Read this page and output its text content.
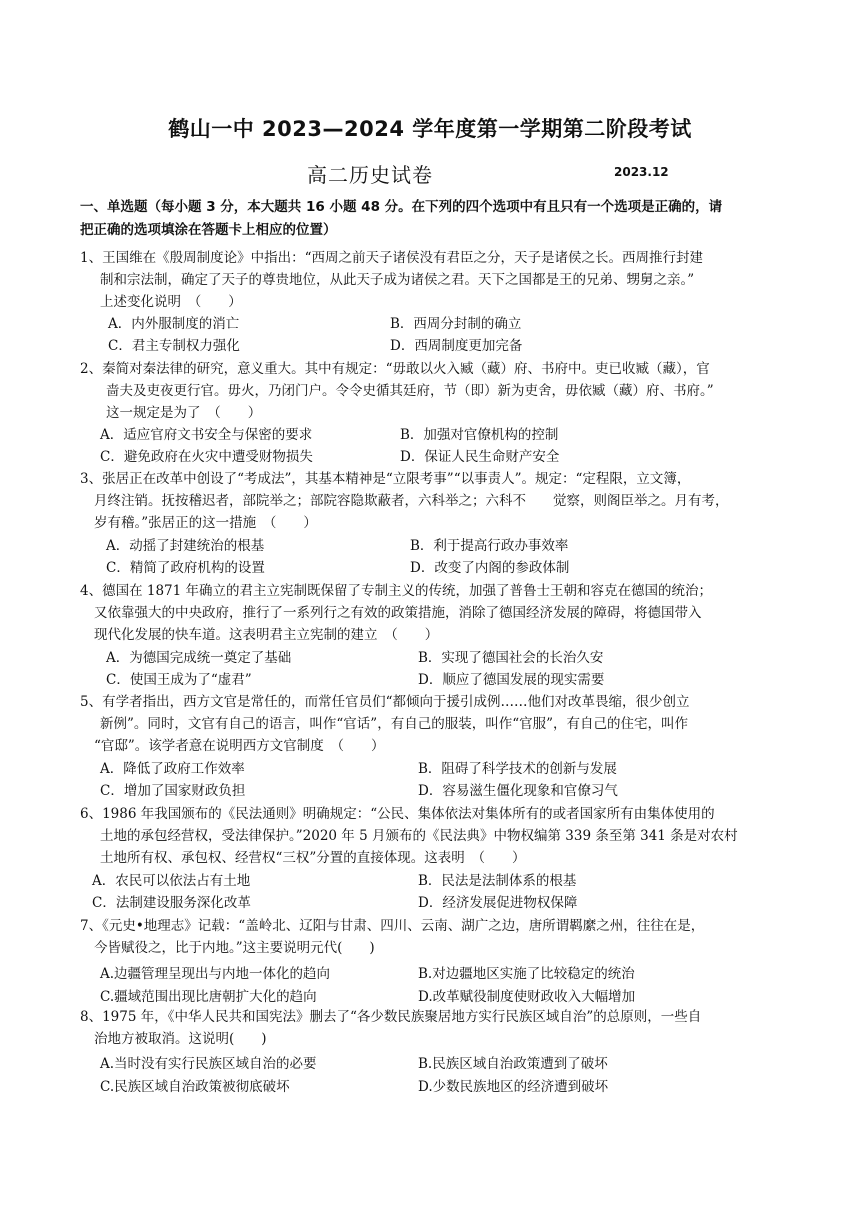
鹤山一中 2023—2024 学年度第一学期第二阶段考试
高二历史试卷	2023.12
一、单选题（每小题 3 分，本大题共 16 小题 48 分。在下列的四个选项中有且只有一个选项是正确的，请
把正确的选项填涂在答题卡上相应的位置）
1、王国维在《殷周制度论》中指出：“西周之前天子诸侯没有君臣之分，天子是诸侯之长。西周推行封建
制和宗法制，确定了天子的尊贵地位，从此天子成为诸侯之君。天下之国都是王的兄弟、甥舅之亲。”
上述变化说明　（　　）
A．内外服制度的消亡	B．西周分封制的确立
C．君主专制权力强化	D．西周制度更加完备
2、秦简对秦法律的研究，意义重大。其中有规定：“毋敢以火入臧（藏）府、书府中。吏已收臧（藏），官
啬夫及吏夜更行官。毋火，乃闭门户。令令史循其廷府，节（即）新为吏舍，毋依臧（藏）府、书府。”
这一规定是为了　（　　）
A．适应官府文书安全与保密的要求	B．加强对官僚机构的控制
C．避免政府在火灾中遭受财物损失	D．保证人民生命财产安全
3、张居正在改革中创设了“考成法”，其基本精神是“立限考事”“以事责人”。规定：“定程限，立文簿，
月终注销。抚按稽迟者，部院举之；部院容隐欺蔽者，六科举之；六科不　　觉察，则阁臣举之。月有考，
岁有稽。”张居正的这一措施　（　　）
A．动摇了封建统治的根基	B．利于提高行政办事效率
C．精简了政府机构的设置	D．改变了内阁的参政体制
4、德国在 1871 年确立的君主立宪制既保留了专制主义的传统，加强了普鲁士王朝和容克在德国的统治；
又依靠强大的中央政府，推行了一系列行之有效的政策措施，消除了德国经济发展的障碍，将德国带入
现代化发展的快车道。这表明君主立宪制的建立　（　　）
A．为德国完成统一奠定了基础	B．实现了德国社会的长治久安
C．使国王成为了“虚君”	D．顺应了德国发展的现实需要
5、有学者指出，西方文官是常任的，而常任官员们“都倾向于援引成例……他们对改革畏缩，很少创立
新例”。同时，文官有自己的语言，叫作“官话”，有自己的服装，叫作“官服”，有自己的住宅，叫作
“官邸”。该学者意在说明西方文官制度　（　　）
A．降低了政府工作效率	B．阻碍了科学技术的创新与发展
C．增加了国家财政负担	D．容易滋生僵化现象和官僚习气
6、1986 年我国颁布的《民法通则》明确规定：“公民、集体依法对集体所有的或者国家所有由集体使用的
土地的承包经营权，受法律保护。”2020 年 5 月颁布的《民法典》中物权编第 339 条至第 341 条是对农村
土地所有权、承包权、经营权“三权”分置的直接体现。这表明　（　　）
A．农民可以依法占有土地	B．民法是法制体系的根基
C．法制建设服务深化改革	D．经济发展促进物权保障
7、《元史•地理志》记载：“盖岭北、辽阳与甘肃、四川、云南、湖广之边，唐所谓羁縻之州，往往在是，
今皆赋役之，比于内地。”这主要说明元代(　　)
A.边疆管理呈现出与内地一体化的趋向	B.对边疆地区实施了比较稳定的统治
C.疆域范围出现比唐朝扩大化的趋向	D.改革赋役制度使财政收入大幅增加
8、1975 年，《中华人民共和国宪法》删去了“各少数民族聚居地方实行民族区域自治”的总原则，一些自
治地方被取消。这说明(　　)
A.当时没有实行民族区域自治的必要	B.民族区域自治政策遭到了破坏
C.民族区域自治政策被彻底破坏	D.少数民族地区的经济遭到破坏
